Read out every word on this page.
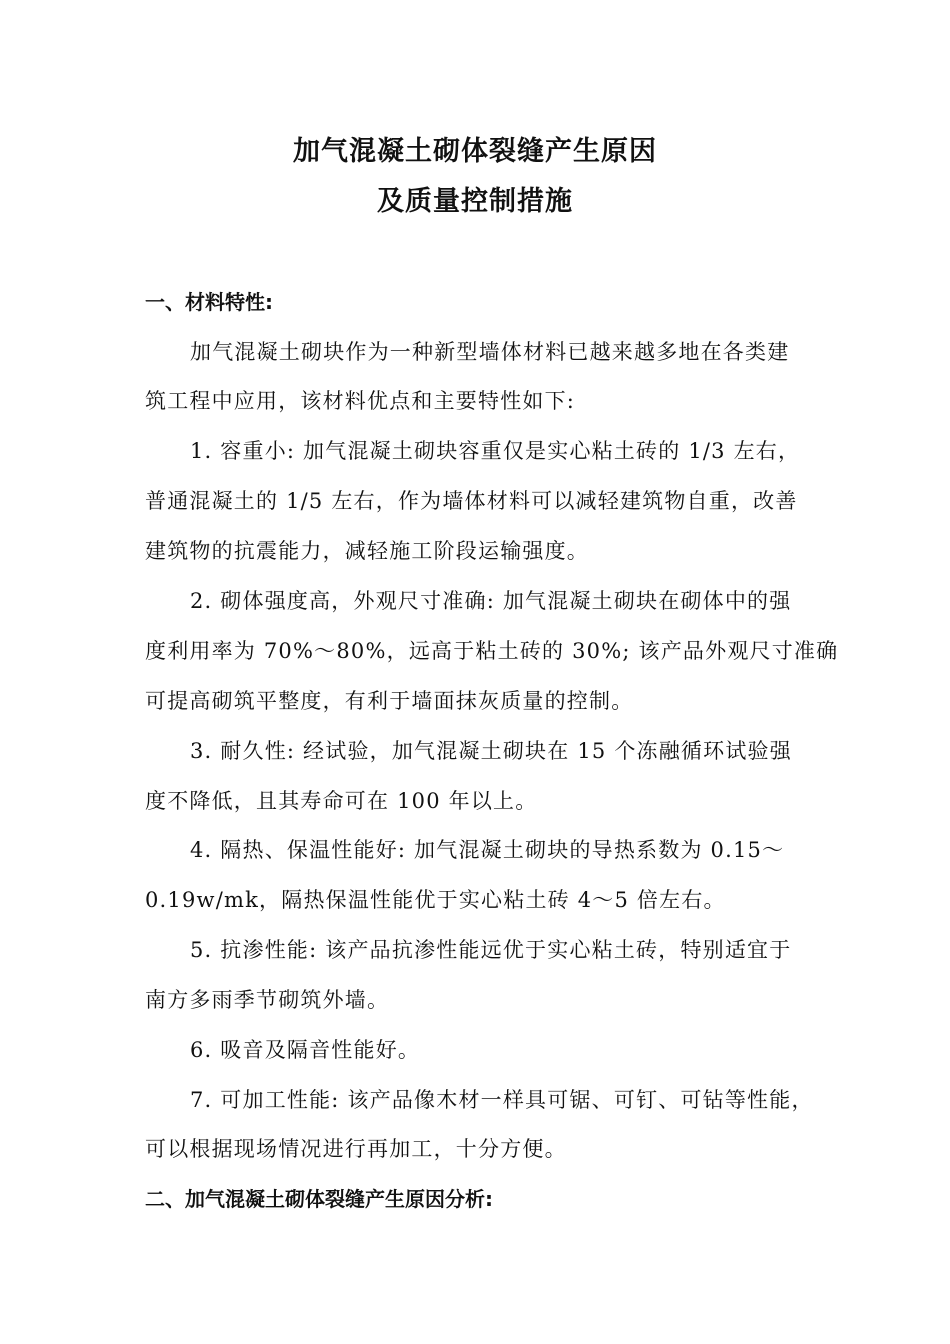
加气混凝土砌体裂缝产生原因
及质量控制措施
一、材料特性:
加气混凝土砌块作为一种新型墙体材料已越来越多地在各类建
筑工程中应用，该材料优点和主要特性如下:
1. 容重小: 加气混凝土砌块容重仅是实心粘土砖的 1/3 左右，
普通混凝土的 1/5 左右，作为墙体材料可以减轻建筑物自重，改善
建筑物的抗震能力，减轻施工阶段运输强度。
2. 砌体强度高，外观尺寸准确: 加气混凝土砌块在砌体中的强
度利用率为 70%～80%，远高于粘土砖的 30%; 该产品外观尺寸准确
可提高砌筑平整度，有利于墙面抹灰质量的控制。
3. 耐久性: 经试验，加气混凝土砌块在 15 个冻融循环试验强
度不降低，且其寿命可在 100 年以上。
4. 隔热、保温性能好: 加气混凝土砌块的导热系数为 0.15～
0.19w/mk，隔热保温性能优于实心粘土砖 4～5 倍左右。
5. 抗渗性能: 该产品抗渗性能远优于实心粘土砖，特别适宜于
南方多雨季节砌筑外墙。
6. 吸音及隔音性能好。
7. 可加工性能: 该产品像木材一样具可锯、可钉、可钻等性能，
可以根据现场情况进行再加工，十分方便。
二、加气混凝土砌体裂缝产生原因分析:
